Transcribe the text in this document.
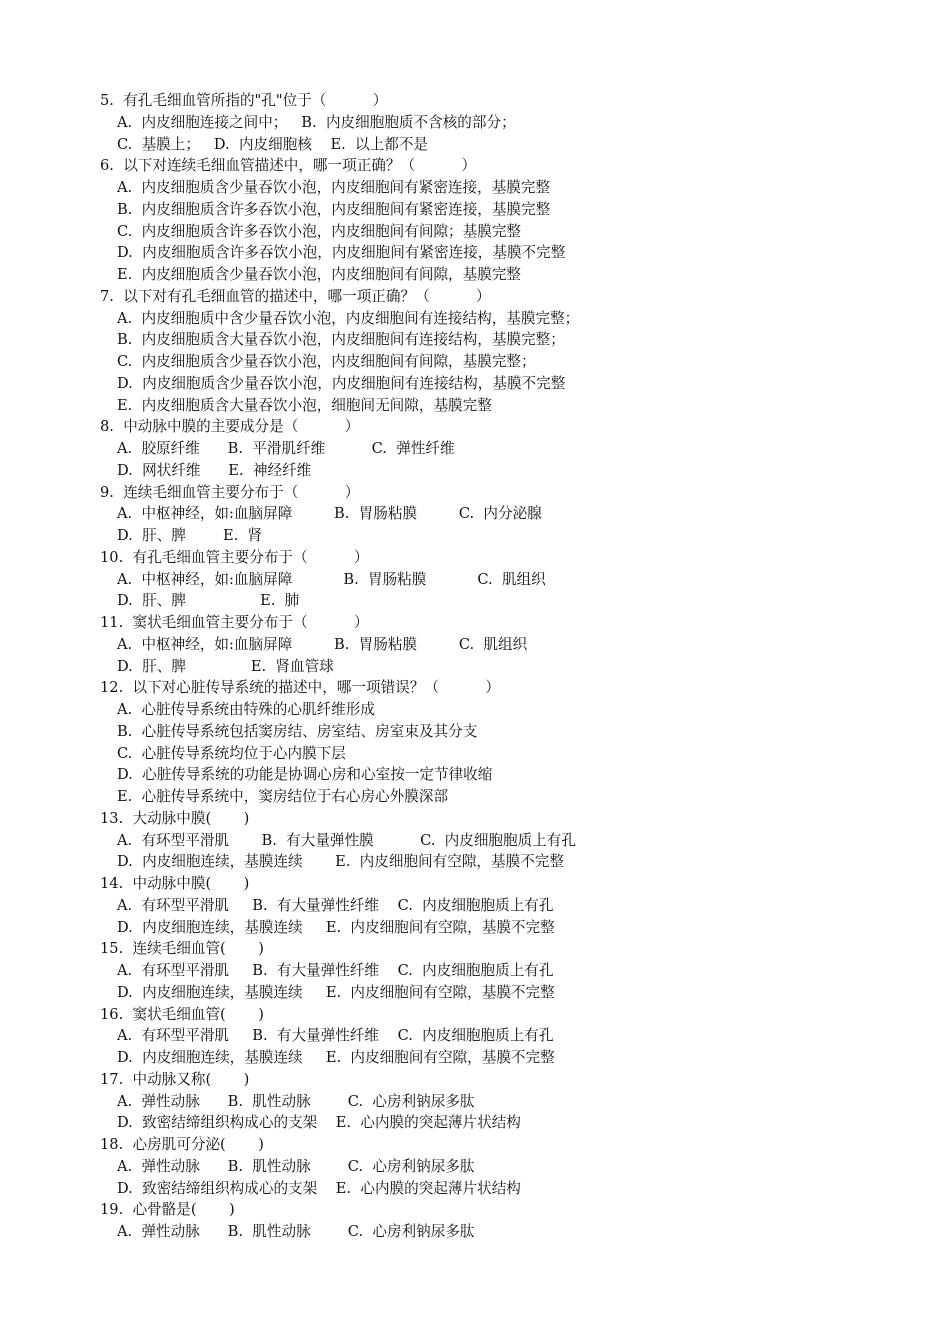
5.  有孔毛细血管所指的"孔"位于（          ）
A.  内皮细胞连接之间中；   B.  内皮细胞胞质不含核的部分；
C.  基膜上；   D.  内皮细胞核    E.  以上都不是
6.  以下对连续毛细血管描述中，哪一项正确？（          ）
A.  内皮细胞质含少量吞饮小泡，内皮细胞间有紧密连接，基膜完整
B.  内皮细胞质含许多吞饮小泡，内皮细胞间有紧密连接，基膜完整
C.  内皮细胞质含许多吞饮小泡，内皮细胞间有间隙；基膜完整
D.  内皮细胞质含许多吞饮小泡，内皮细胞间有紧密连接，基膜不完整
E.  内皮细胞质含少量吞饮小泡，内皮细胞间有间隙，基膜完整
7.  以下对有孔毛细血管的描述中，哪一项正确？（          ）
A.  内皮细胞质中含少量吞饮小泡，内皮细胞间有连接结构，基膜完整；
B.  内皮细胞质含大量吞饮小泡，内皮细胞间有连接结构，基膜完整；
C.  内皮细胞质含少量吞饮小泡，内皮细胞间有间隙，基膜完整；
D.  内皮细胞质含少量吞饮小泡，内皮细胞间有连接结构，基膜不完整
E.  内皮细胞质含大量吞饮小泡，细胞间无间隙，基膜完整
8.  中动脉中膜的主要成分是（          ）
A.  胶原纤维      B.  平滑肌纤维          C.  弹性纤维
D.  网状纤维      E.  神经纤维
9.  连续毛细血管主要分布于（          ）
A.  中枢神经，如:血脑屏障         B.  胃肠粘膜         C.  内分泌腺
D.  肝、脾        E.  肾
10.  有孔毛细血管主要分布于（          ）
A.  中枢神经，如:血脑屏障           B.  胃肠粘膜           C.  肌组织
D.  肝、脾                E.  肺
11.  窦状毛细血管主要分布于（          ）
A.  中枢神经，如:血脑屏障         B.  胃肠粘膜         C.  肌组织
D.  肝、脾              E.  肾血管球
12.  以下对心脏传导系统的描述中，哪一项错误？（          ）
A.  心脏传导系统由特殊的心肌纤维形成
B.  心脏传导系统包括窦房结、房室结、房室束及其分支
C.  心脏传导系统均位于心内膜下层
D.  心脏传导系统的功能是协调心房和心室按一定节律收缩
E.  心脏传导系统中，窦房结位于右心房心外膜深部
13.  大动脉中膜(       )
A.  有环型平滑肌       B.  有大量弹性膜          C.  内皮细胞胞质上有孔
D.  内皮细胞连续，基膜连续       E.  内皮细胞间有空隙，基膜不完整
14.  中动脉中膜(       )
A.  有环型平滑肌     B.  有大量弹性纤维    C.  内皮细胞胞质上有孔
D.  内皮细胞连续，基膜连续     E.  内皮细胞间有空隙，基膜不完整
15.  连续毛细血管(       )
A.  有环型平滑肌     B.  有大量弹性纤维    C.  内皮细胞胞质上有孔
D.  内皮细胞连续，基膜连续     E.  内皮细胞间有空隙，基膜不完整
16.  窦状毛细血管(       )
A.  有环型平滑肌     B.  有大量弹性纤维    C.  内皮细胞胞质上有孔
D.  内皮细胞连续，基膜连续     E.  内皮细胞间有空隙，基膜不完整
17.  中动脉又称(       )
A.  弹性动脉      B.  肌性动脉        C.  心房利钠尿多肽
D.  致密结缔组织构成心的支架    E.  心内膜的突起薄片状结构
18.  心房肌可分泌(       )
A.  弹性动脉      B.  肌性动脉        C.  心房利钠尿多肽
D.  致密结缔组织构成心的支架    E.  心内膜的突起薄片状结构
19.  心骨骼是(       )
A.  弹性动脉      B.  肌性动脉        C.  心房利钠尿多肽
